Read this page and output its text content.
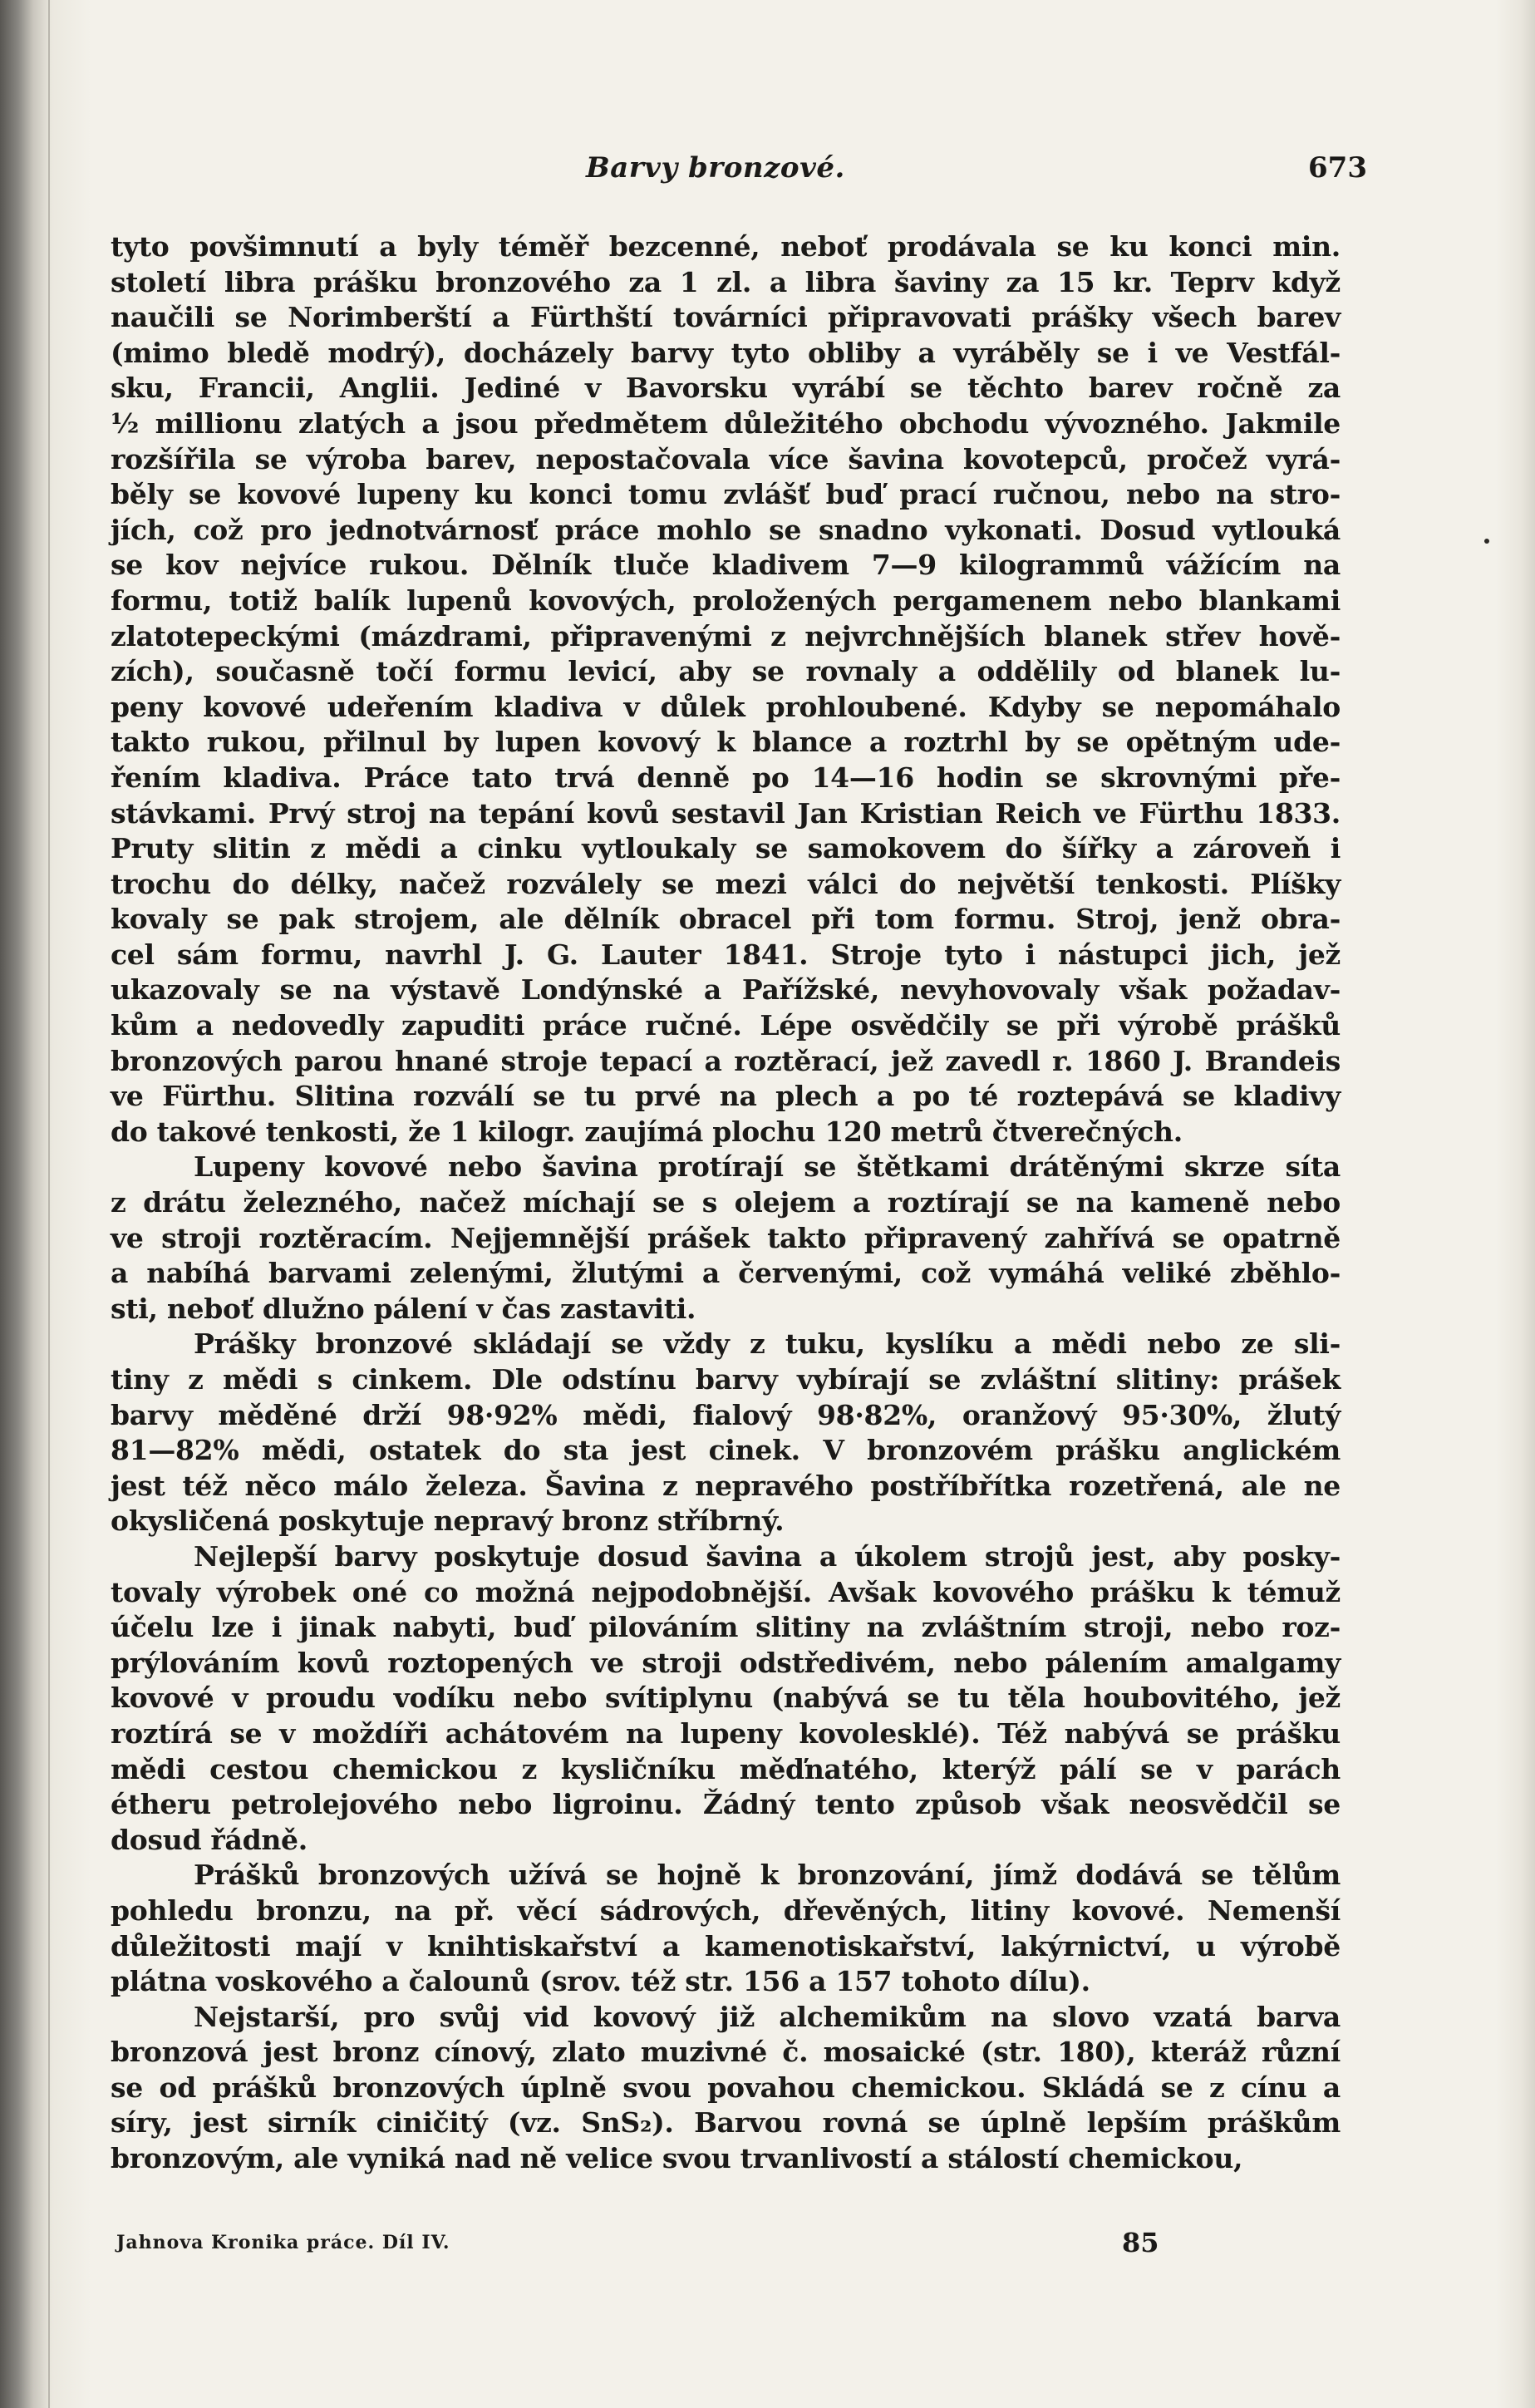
Barvy bronzové.	673
tyto povšimnutí a byly téměř bezcenné, neboť prodávala se ku konci min.
století libra prášku bronzového za 1 zl. a libra šaviny za 15 kr. Teprv když
naučili se Norimberští a Fürthští továrníci připravovati prášky všech barev
(mimo bledě modrý), docházely barvy tyto obliby a vyráběly se i ve Vestfál-
sku, Francii, Anglii. Jediné v Bavorsku vyrábí se těchto barev ročně za
½ millionu zlatých a jsou předmětem důležitého obchodu vývozného. Jakmile
rozšířila se výroba barev, nepostačovala více šavina kovotepců, pročež vyrá-
běly se kovové lupeny ku konci tomu zvlášť buď prací ručnou, nebo na stro-
jích, což pro jednotvárnosť práce mohlo se snadno vykonati. Dosud vytlouká
se kov nejvíce rukou. Dělník tluče kladivem 7—9 kilogrammů vážícím na
formu, totiž balík lupenů kovových, proložených pergamenem nebo blankami
zlatotepeckými (mázdrami, připravenými z nejvrchnějších blanek střev hově-
zích), současně točí formu levicí, aby se rovnaly a oddělily od blanek lu-
peny kovové udeřením kladiva v důlek prohloubené. Kdyby se nepomáhalo
takto rukou, přilnul by lupen kovový k blance a roztrhl by se opětným ude-
řením kladiva. Práce tato trvá denně po 14—16 hodin se skrovnými pře-
stávkami. Prvý stroj na tepání kovů sestavil Jan Kristian Reich ve Fürthu 1833.
Pruty slitin z mědi a cinku vytloukaly se samokovem do šířky a zároveň i
trochu do délky, načež rozválely se mezi válci do největší tenkosti. Plíšky
kovaly se pak strojem, ale dělník obracel při tom formu. Stroj, jenž obra-
cel sám formu, navrhl J. G. Lauter 1841. Stroje tyto i nástupci jich, jež
ukazovaly se na výstavě Londýnské a Pařížské, nevyhovovaly však požadav-
kům a nedovedly zapuditi práce ručné. Lépe osvědčily se při výrobě prášků
bronzových parou hnané stroje tepací a roztěrací, jež zavedl r. 1860 J. Brandeis
ve Fürthu. Slitina rozválí se tu prvé na plech a po té roztepává se kladivy
do takové tenkosti, že 1 kilogr. zaujímá plochu 120 metrů čtverečných.
Lupeny kovové nebo šavina protírají se štětkami drátěnými skrze síta
z drátu železného, načež míchají se s olejem a roztírají se na kameně nebo
ve stroji roztěracím. Nejjemnější prášek takto připravený zahřívá se opatrně
a nabíhá barvami zelenými, žlutými a červenými, což vymáhá veliké zběhlo-
sti, neboť dlužno pálení v čas zastaviti.
Prášky bronzové skládají se vždy z tuku, kyslíku a mědi nebo ze sli-
tiny z mědi s cinkem. Dle odstínu barvy vybírají se zvláštní slitiny: prášek
barvy měděné drží 98·92% mědi, fialový 98·82%, oranžový 95·30%, žlutý
81—82% mědi, ostatek do sta jest cinek. V bronzovém prášku anglickém
jest též něco málo železa. Šavina z nepravého postříbřítka rozetřená, ale ne
okysličená poskytuje nepravý bronz stříbrný.
Nejlepší barvy poskytuje dosud šavina a úkolem strojů jest, aby posky-
tovaly výrobek oné co možná nejpodobnější. Avšak kovového prášku k témuž
účelu lze i jinak nabyti, buď pilováním slitiny na zvláštním stroji, nebo roz-
prýlováním kovů roztopených ve stroji odstředivém, nebo pálením amalgamy
kovové v proudu vodíku nebo svítiplynu (nabývá se tu těla houbovitého, jež
roztírá se v moždíři achátovém na lupeny kovolesklé). Též nabývá se prášku
mědi cestou chemickou z kysličníku měďnatého, kterýž pálí se v parách
étheru petrolejového nebo ligroinu. Žádný tento způsob však neosvědčil se
dosud řádně.
Prášků bronzových užívá se hojně k bronzování, jímž dodává se tělům
pohledu bronzu, na př. věcí sádrových, dřevěných, litiny kovové. Nemenší
důležitosti mají v knihtiskařství a kamenotiskařství, lakýrnictví, u výrobě
plátna voskového a čalounů (srov. též str. 156 a 157 tohoto dílu).
Nejstarší, pro svůj vid kovový již alchemikům na slovo vzatá barva
bronzová jest bronz cínový, zlato muzivné č. mosaické (str. 180), kteráž různí
se od prášků bronzových úplně svou povahou chemickou. Skládá se z cínu a
síry, jest sirník ciničitý (vz. SnS₂). Barvou rovná se úplně lepším práškům
bronzovým, ale vyniká nad ně velice svou trvanlivostí a stálostí chemickou,
Jahnova Kronika práce. Díl IV.	85
